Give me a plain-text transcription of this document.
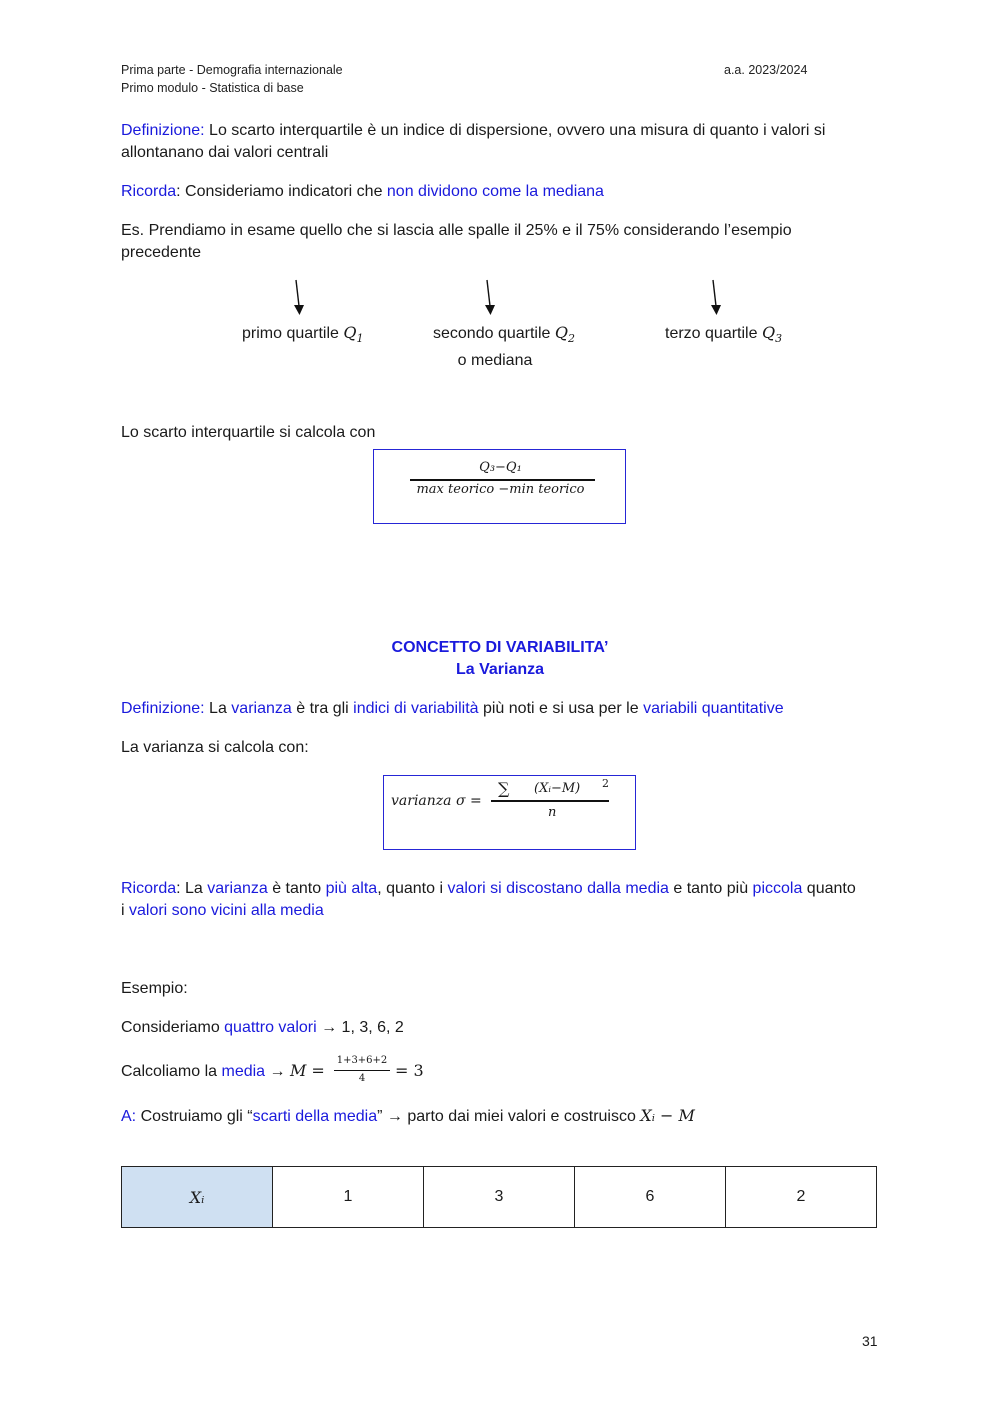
Prima parte - Demografia internazionale
Primo modulo - Statistica di base
a.a. 2023/2024
Definizione: Lo scarto interquartile è un indice di dispersione, ovvero una misura di quanto i valori si
allontanano dai valori centrali
Ricorda: Consideriamo indicatori che non dividono come la mediana
Es. Prendiamo in esame quello che si lascia alle spalle il 25% e il 75% considerando l’esempio
precedente
primo quartile $Q_1$	secondo quartile $Q_2$
o mediana
terzo quartile $Q_3$
Lo scarto interquartile si calcola con
Q₃−Q₁
max teorico −min teorico
CONCETTO DI VARIABILITA’
La Varianza
Definizione: La varianza è tra gli indici di variabilità più noti e si usa per le variabili quantitative
La varianza si calcola con:
varianza σ =
∑ (Xᵢ−M) 2
n
Ricorda: La varianza è tanto più alta, quanto i valori si discostano dalla media e tanto più piccola quanto
i valori sono vicini alla media
Esempio:
Consideriamo quattro valori → 1, 3, 6, 2
Calcoliamo la media → M =
1+3+6+2
4	= 3
A: Costruiamo gli “scarti della media” → parto dai miei valori e costruisco Xᵢ − M
Xᵢ	1	3	6	2
31
